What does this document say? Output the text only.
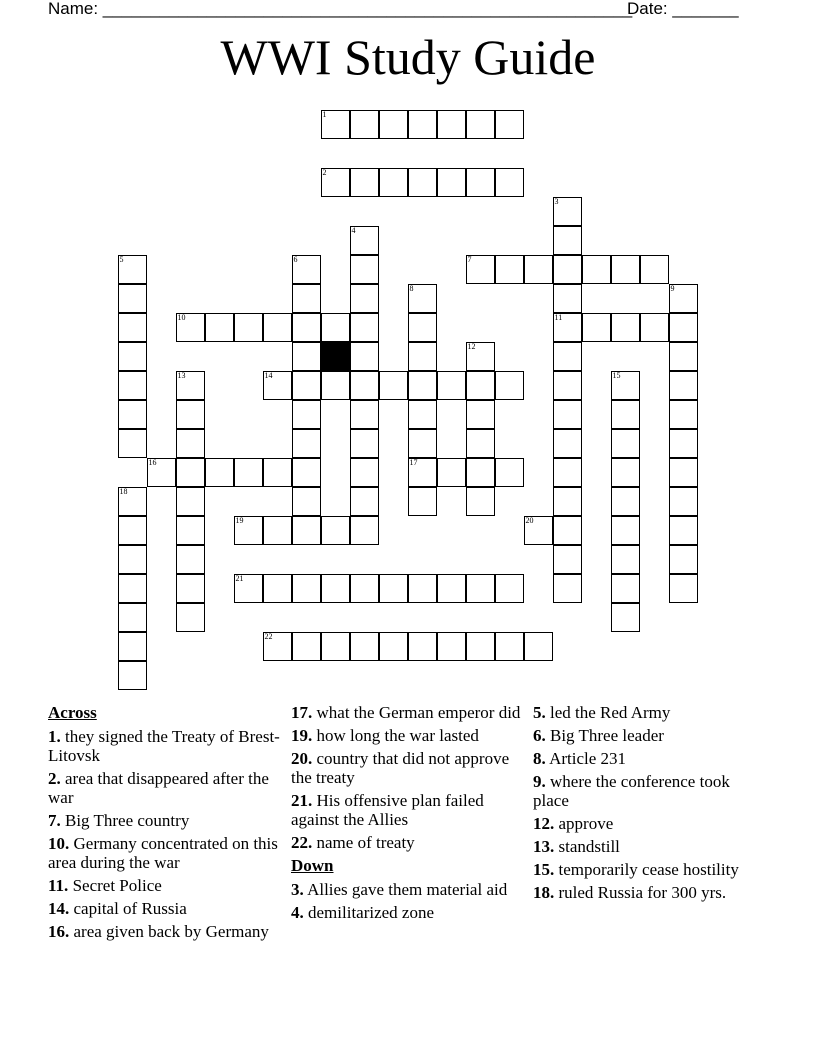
Name: ________________________________________________________
Date: _______
WWI Study Guide
1
2
7
10	11
14
16	17
19	20
21
22
3
4
5	6
8	9
12
13	15
18
Across
1. they signed the Treaty of Brest-Litovsk
2. area that disappeared after the war
7. Big Three country
10. Germany concentrated on this area during the war
11. Secret Police
14. capital of Russia
16. area given back by Germany
17. what the German emperor did
19. how long the war lasted
20. country that did not approve the treaty
21. His offensive plan failed against the Allies
22. name of treaty
Down
3. Allies gave them material aid
4. demilitarized zone
5. led the Red Army
6. Big Three leader
8. Article 231
9. where the conference took place
12. approve
13. standstill
15. temporarily cease hostility
18. ruled Russia for 300 yrs.
